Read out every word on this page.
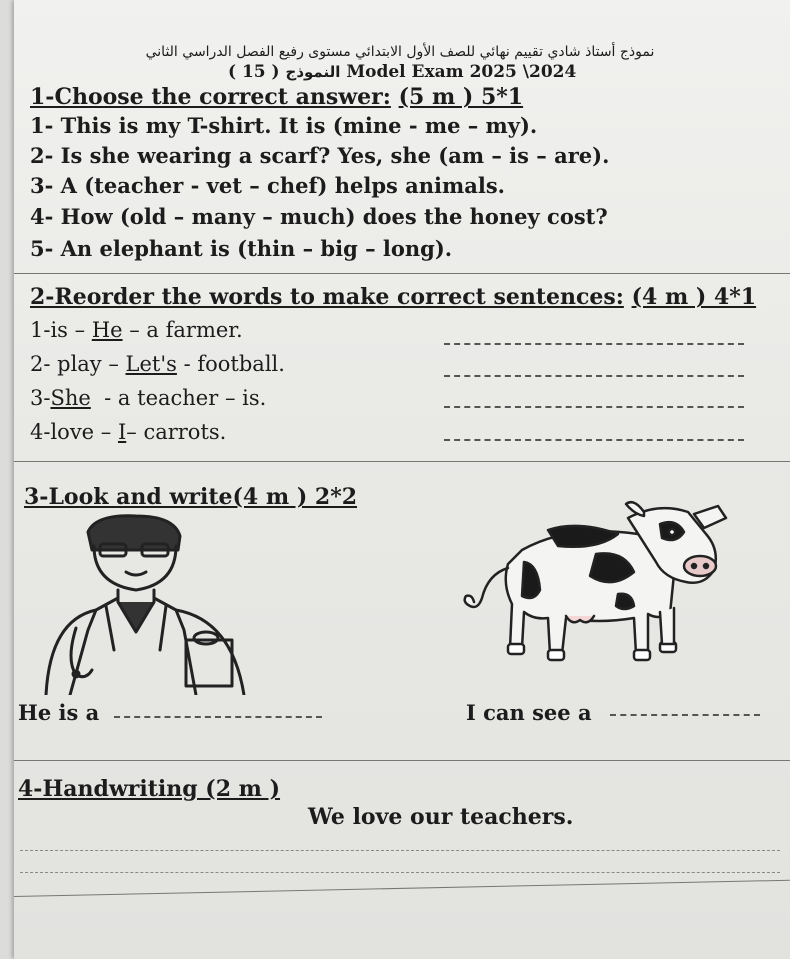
نموذج أستاذ شادي تقييم نهائي للصف الأول الابتدائي مستوى رفيع الفصل الدراسي الثاني
( 15 ) النموذج Model Exam 2025 \2024
1-Choose the correct answer: (5 m ) 5*1
1- This is my T-shirt. It is (mine - me – my).
2- Is she wearing a scarf? Yes, she (am – is – are).
3- A (teacher - vet – chef) helps animals.
4- How (old – many – much) does the honey cost?
5- An elephant is (thin – big – long).
2-Reorder the words to make correct sentences: (4 m ) 4*1
1-is – He – a farmer.
2- play – Let's - football.
3-She  - a teacher – is.
4-love – I– carrots.
3-Look and write(4 m ) 2*2
He is a	I can see a
4-Handwriting (2 m )
We love our teachers.
